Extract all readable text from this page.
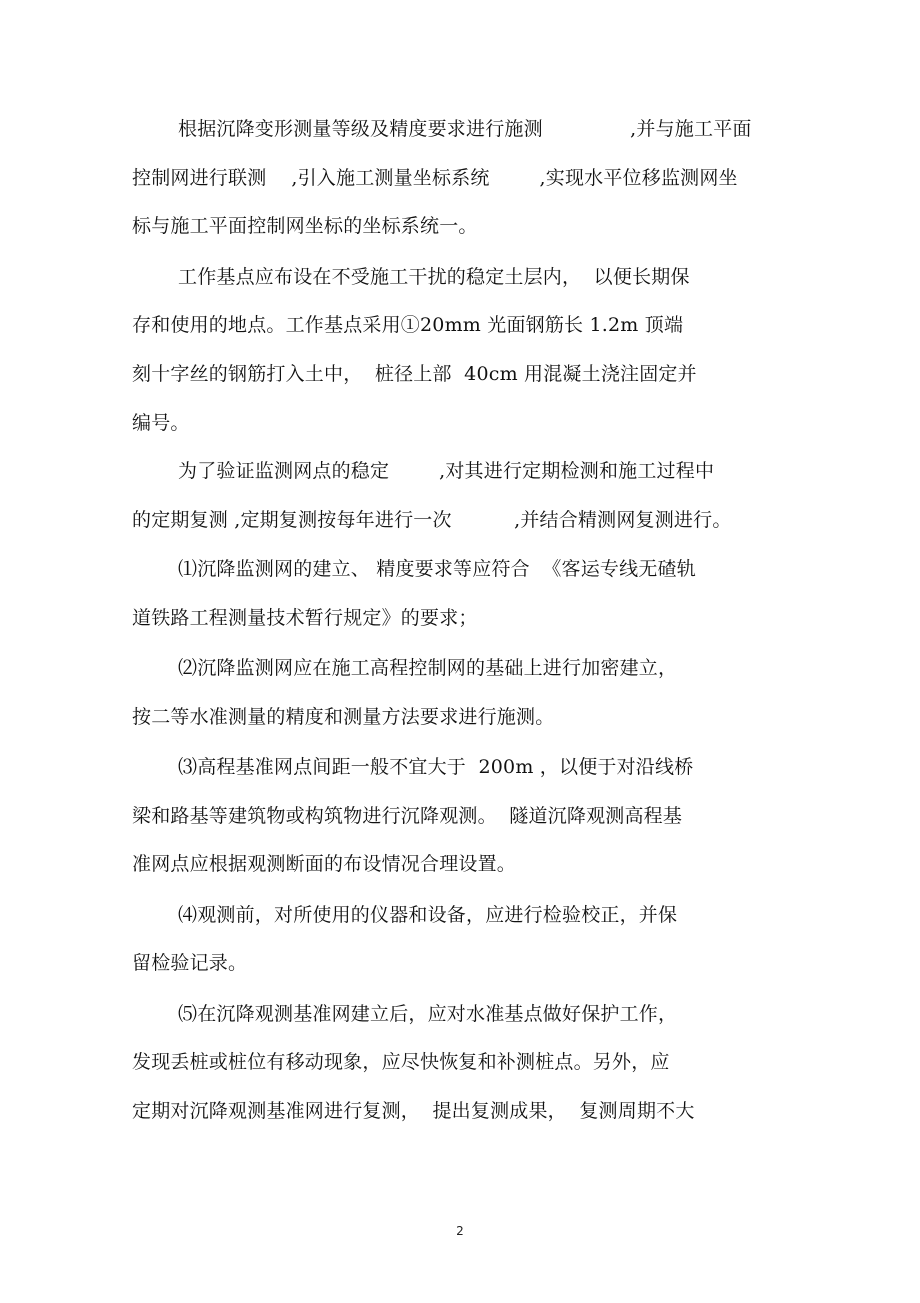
根据沉降变形测量等级及精度要求进行施测              ,并与施工平面
控制网进行联测    ,引入施工测量坐标系统        ,实现水平位移监测网坐
标与施工平面控制网坐标的坐标系统一。
工作基点应布设在不受施工干扰的稳定土层内，  以便长期保
存和使用的地点。工作基点采用①20mm 光面钢筋长 1.2m 顶端
刻十字丝的钢筋打入土中，  桩径上部  40cm 用混凝土浇注固定并
编号。
为了验证监测网点的稳定        ,对其进行定期检测和施工过程中
的定期复测 ,定期复测按每年进行一次          ,并结合精测网复测进行。
⑴沉降监测网的建立、 精度要求等应符合  《客运专线无碴轨
道铁路工程测量技术暂行规定》的要求；
⑵沉降监测网应在施工高程控制网的基础上进行加密建立，
按二等水准测量的精度和测量方法要求进行施测。
⑶高程基准网点间距一般不宜大于  200m ，以便于对沿线桥
梁和路基等建筑物或构筑物进行沉降观测。  隧道沉降观测高程基
准网点应根据观测断面的布设情况合理设置。
⑷观测前，对所使用的仪器和设备，应进行检验校正，并保
留检验记录。
⑸在沉降观测基准网建立后，应对水准基点做好保护工作，
发现丢桩或桩位有移动现象，应尽快恢复和补测桩点。另外，应
定期对沉降观测基准网进行复测，  提出复测成果，  复测周期不大
2
